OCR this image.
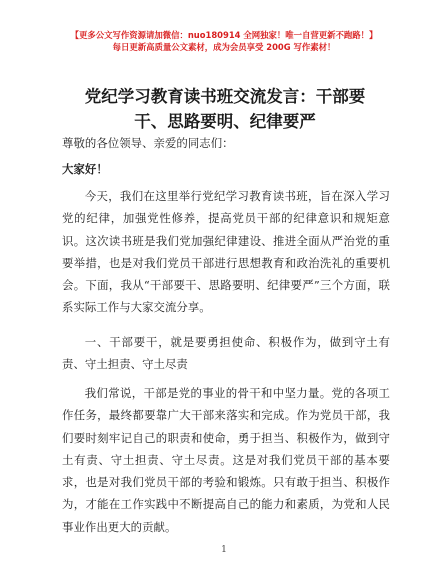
【更多公文写作资源请加微信：nuo180914 全网独家！唯一自营更新不跑路！】
每日更新高质量公文素材，成为会员享受 200G 写作素材！
党纪学习教育读书班交流发言：干部要干、思路要明、纪律要严
尊敬的各位领导、亲爱的同志们：
大家好！
今天，我们在这里举行党纪学习教育读书班，旨在深入学习党的纪律，加强党性修养，提高党员干部的纪律意识和规矩意识。这次读书班是我们党加强纪律建设、推进全面从严治党的重要举措，也是对我们党员干部进行思想教育和政治洗礼的重要机会。下面，我从“干部要干、思路要明、纪律要严”三个方面，联系实际工作与大家交流分享。
一、干部要干，就是要勇担使命、积极作为，做到守土有责、守土担责、守土尽责
我们常说，干部是党的事业的骨干和中坚力量。党的各项工作任务，最终都要靠广大干部来落实和完成。作为党员干部，我们要时刻牢记自己的职责和使命，勇于担当、积极作为，做到守土有责、守土担责、守土尽责。这是对我们党员干部的基本要求，也是对我们党员干部的考验和锻炼。只有敢于担当、积极作为，才能在工作实践中不断提高自己的能力和素质，为党和人民事业作出更大的贡献。
1
